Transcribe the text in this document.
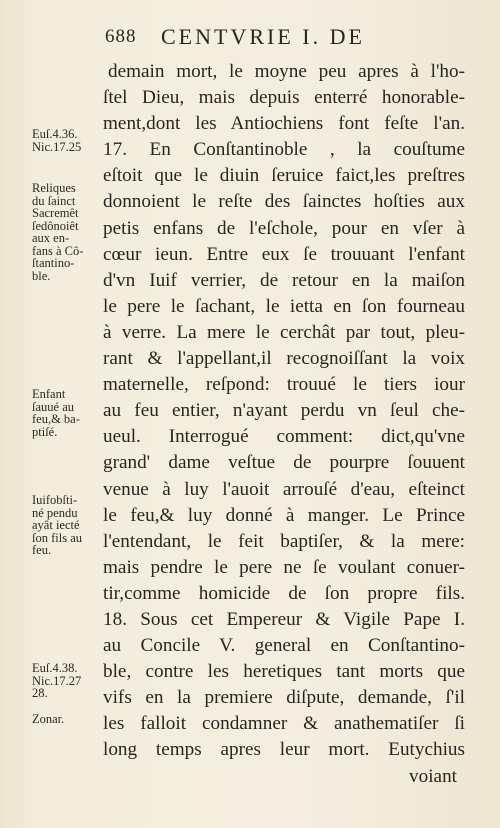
688 CENTVRIE I. DE
demain mort, le moyne peu apres à l'ho-
ſtel Dieu, mais depuis enterré honorable-
ment,dont les Antiochiens font feſte l'an.
17. En Conſtantinoble , la couſtume
eſtoit que le diuin ſeruice faict,les preſtres
donnoient le reſte des ſainctes hoſties aux
petis enfans de l'eſchole, pour en vſer à
cœur ieun. Entre eux ſe trouuant l'enfant
d'vn Iuif verrier, de retour en la maiſon
le pere le ſachant, le ietta en ſon fourneau
à verre. La mere le cerchât par tout, pleu-
rant & l'appellant,il recognoiſſant la voix
maternelle, reſpond: trouué le tiers iour
au feu entier, n'ayant perdu vn ſeul che-
ueul. Interrogué comment: dict,qu'vne
grand' dame veſtue de pourpre ſouuent
venue à luy l'auoit arrouſé d'eau, eſteinct
le feu,& luy donné à manger. Le Prince
l'entendant, le feit baptiſer, & la mere:
mais pendre le pere ne ſe voulant conuer-
tir,comme homicide de ſon propre fils.
18. Sous cet Empereur & Vigile Pape I.
au Concile V. general en Conſtantino-
ble, contre les heretiques tant morts que
vifs en la premiere diſpute, demande, ſ'il
les falloit condamner & anathematiſer ſi
long temps apres leur mort. Eutychius
voiant
Euſ.4.36.
Nic.17.25
Reliques
du ſainct
Sacremêt
ſedônoiêt
aux en-
fans à Cô-
ſtantino-
ble.
Enfant
ſauué au
feu,& ba-
ptiſé.
Iuifobſti-
né pendu
ayât iecté
ſon fils au
feu.
Euſ.4.38.
Nic.17.27
28.
Zonar.
